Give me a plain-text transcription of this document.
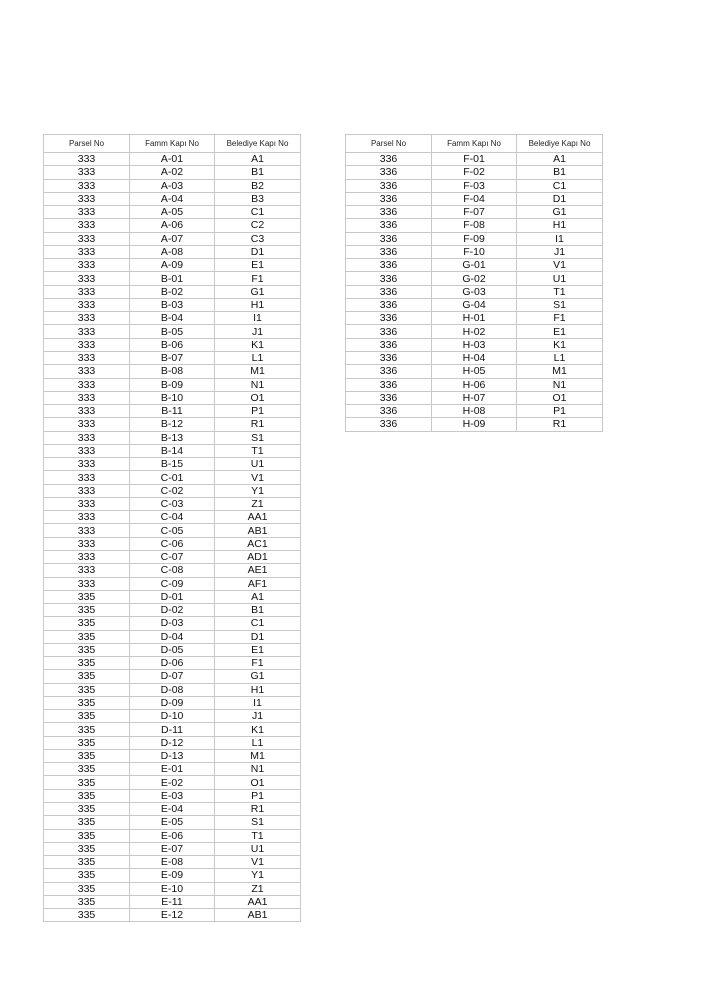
Parsel No	Famm Kapı No	Belediye Kapı No
333	A-01	A1
333	A-02	B1
333	A-03	B2
333	A-04	B3
333	A-05	C1
333	A-06	C2
333	A-07	C3
333	A-08	D1
333	A-09	E1
333	B-01	F1
333	B-02	G1
333	B-03	H1
333	B-04	I1
333	B-05	J1
333	B-06	K1
333	B-07	L1
333	B-08	M1
333	B-09	N1
333	B-10	O1
333	B-11	P1
333	B-12	R1
333	B-13	S1
333	B-14	T1
333	B-15	U1
333	C-01	V1
333	C-02	Y1
333	C-03	Z1
333	C-04	AA1
333	C-05	AB1
333	C-06	AC1
333	C-07	AD1
333	C-08	AE1
333	C-09	AF1
335	D-01	A1
335	D-02	B1
335	D-03	C1
335	D-04	D1
335	D-05	E1
335	D-06	F1
335	D-07	G1
335	D-08	H1
335	D-09	I1
335	D-10	J1
335	D-11	K1
335	D-12	L1
335	D-13	M1
335	E-01	N1
335	E-02	O1
335	E-03	P1
335	E-04	R1
335	E-05	S1
335	E-06	T1
335	E-07	U1
335	E-08	V1
335	E-09	Y1
335	E-10	Z1
335	E-11	AA1
335	E-12	AB1
Parsel No	Famm Kapı No	Belediye Kapı No
336	F-01	A1
336	F-02	B1
336	F-03	C1
336	F-04	D1
336	F-07	G1
336	F-08	H1
336	F-09	I1
336	F-10	J1
336	G-01	V1
336	G-02	U1
336	G-03	T1
336	G-04	S1
336	H-01	F1
336	H-02	E1
336	H-03	K1
336	H-04	L1
336	H-05	M1
336	H-06	N1
336	H-07	O1
336	H-08	P1
336	H-09	R1
